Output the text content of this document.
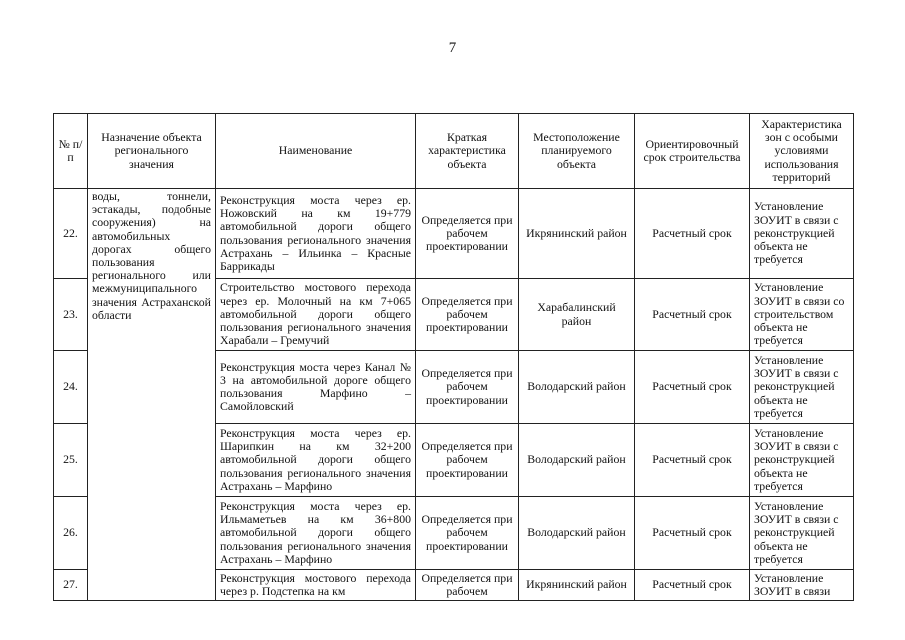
7
№ п/п	Назначение объекта регионального значения	Наименование	Краткая характеристика объекта	Местоположение планируемого объекта	Ориентировочный срок строительства	Характеристика зон с особыми условиями использования территорий
22.	воды, тоннели, эстакады, подобные сооружения) на автомобильных дорогах общего пользования регионального или межмуниципального значения Астраханской области	Реконструкция моста через ер. Ножовский на км 19+779 автомобильной дороги общего пользования регионального значения Астрахань – Ильинка – Красные Баррикады	Определяется при рабочем проектировании	Икрянинский район	Расчетный срок	Установление ЗОУИТ в связи с реконструкцией объекта не требуется
23.		Строительство мостового перехода через ер. Молочный на км 7+065 автомобильной дороги общего пользования регионального значения Харабали – Гремучий	Определяется при рабочем проектировании	Харабалинский район	Расчетный срок	Установление ЗОУИТ в связи со строительством объекта не требуется
24.		Реконструкция моста через Канал № 3 на автомобильной дороге общего пользования Марфино – Самойловский	Определяется при рабочем проектировании	Володарский район	Расчетный срок	Установление ЗОУИТ в связи с реконструкцией объекта не требуется
25.		Реконструкция моста через ер. Шарипкин на км 32+200 автомобильной дороги общего пользования регионального значения Астрахань – Марфино	Определяется при рабочем проектировании	Володарский район	Расчетный срок	Установление ЗОУИТ в связи с реконструкцией объекта не требуется
26.		Реконструкция моста через ер. Ильмаметьев на км 36+800 автомобильной дороги общего пользования регионального значения Астрахань – Марфино	Определяется при рабочем проектировании	Володарский район	Расчетный срок	Установление ЗОУИТ в связи с реконструкцией объекта не требуется
27.		Реконструкция мостового перехода через р. Подстепка на км	Определяется при рабочем	Икрянинский район	Расчетный срок	Установление ЗОУИТ в связи
